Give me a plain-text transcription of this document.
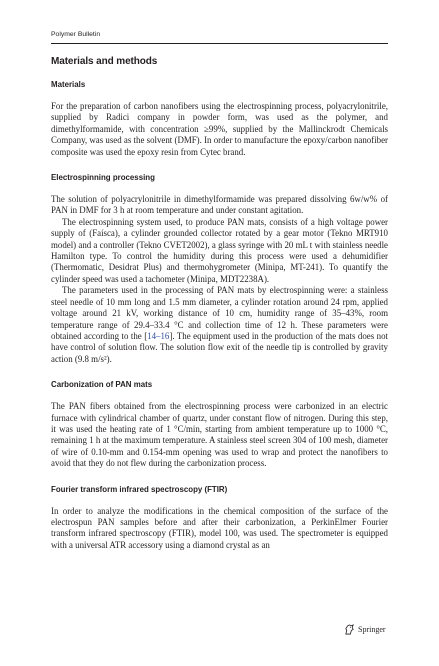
Polymer Bulletin
Materials and methods
Materials

For the preparation of carbon nanofibers using the electrospinning process, polyacrylonitrile, supplied by Radici company in powder form, was used as the polymer, and dimethylformamide, with concentration ≥99%, supplied by the Mallinckrodt Chemicals Company, was used as the solvent (DMF). In order to manufacture the epoxy/carbon nanofiber composite was used the epoxy resin from Cytec brand.

Electrospinning processing

The solution of polyacrylonitrile in dimethylformamide was prepared dissolving 6w/w% of PAN in DMF for 3 h at room temperature and under constant agitation.

The electrospinning system used, to produce PAN mats, consists of a high voltage power supply of (Faísca), a cylinder grounded collector rotated by a gear motor (Tekno MRT910 model) and a controller (Tekno CVET2002), a glass syringe with 20 mL t with stainless needle Hamilton type. To control the humidity during this process were used a dehumidifier (Thermomatic, Desidrat Plus) and thermohygrometer (Minipa, MT-241). To quantify the cylinder speed was used a tachometer (Minipa, MDT2238A).

The parameters used in the processing of PAN mats by electrospinning were: a stainless steel needle of 10 mm long and 1.5 mm diameter, a cylinder rotation around 24 rpm, applied voltage around 21 kV, working distance of 10 cm, humidity range of 35–43%, room temperature range of 29.4–33.4 °C and collection time of 12 h. These parameters were obtained according to the [14–16]. The equipment used in the production of the mats does not have control of solution flow. The solution flow exit of the needle tip is controlled by gravity action (9.8 m/s²).

Carbonization of PAN mats

The PAN fibers obtained from the electrospinning process were carbonized in an electric furnace with cylindrical chamber of quartz, under constant flow of nitrogen. During this step, it was used the heating rate of 1 °C/min, starting from ambient temperature up to 1000 °C, remaining 1 h at the maximum temperature. A stainless steel screen 304 of 100 mesh, diameter of wire of 0.10-mm and 0.154-mm opening was used to wrap and protect the nanofibers to avoid that they do not flew during the carbonization process.

Fourier transform infrared spectroscopy (FTIR)

In order to analyze the modifications in the chemical composition of the surface of the electrospun PAN samples before and after their carbonization, a PerkinElmer Fourier transform infrared spectroscopy (FTIR), model 100, was used. The spectrometer is equipped with a universal ATR accessory using a diamond crystal as an

Springer
